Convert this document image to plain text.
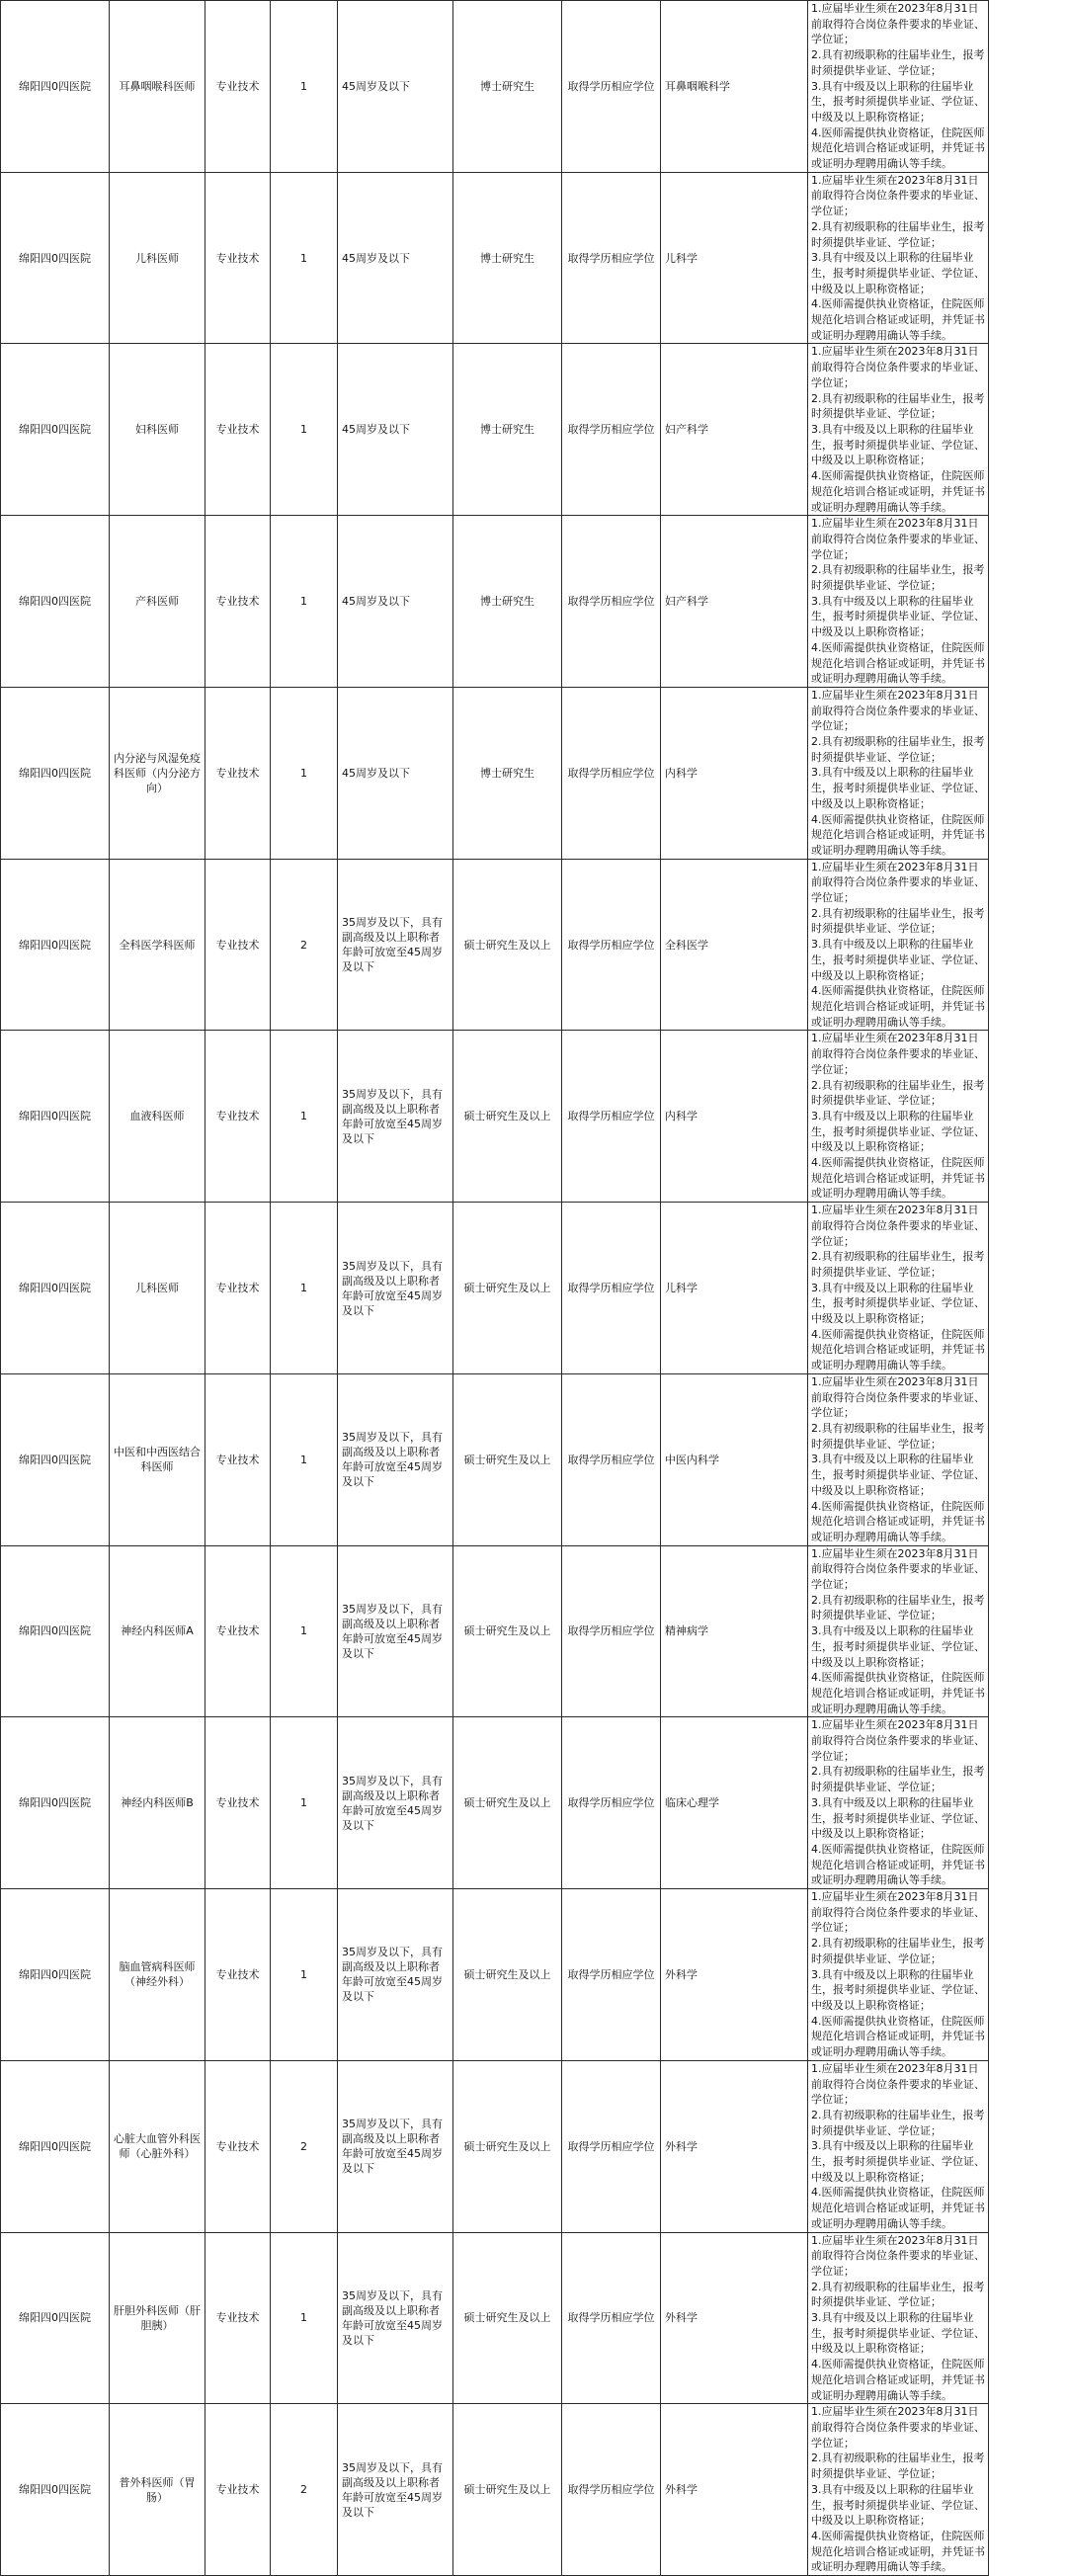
绵阳四0四医院	耳鼻咽喉科医师	专业技术	1	45周岁及以下	博士研究生	取得学历相应学位	耳鼻咽喉科学	1.应届毕业生须在2023年8月31日前取得符合岗位条件要求的毕业证、学位证；
2.具有初级职称的往届毕业生，报考时须提供毕业证、学位证；
3.具有中级及以上职称的往届毕业生，报考时须提供毕业证、学位证、中级及以上职称资格证；
4.医师需提供执业资格证，住院医师规范化培训合格证或证明，并凭证书或证明办理聘用确认等手续。	

绵阳四0四医院	儿科医师	专业技术	1	45周岁及以下	博士研究生	取得学历相应学位	儿科学	1.应届毕业生须在2023年8月31日前取得符合岗位条件要求的毕业证、学位证；
2.具有初级职称的往届毕业生，报考时须提供毕业证、学位证；
3.具有中级及以上职称的往届毕业生，报考时须提供毕业证、学位证、中级及以上职称资格证；
4.医师需提供执业资格证，住院医师规范化培训合格证或证明，并凭证书或证明办理聘用确认等手续。	

绵阳四0四医院	妇科医师	专业技术	1	45周岁及以下	博士研究生	取得学历相应学位	妇产科学	1.应届毕业生须在2023年8月31日前取得符合岗位条件要求的毕业证、学位证；
2.具有初级职称的往届毕业生，报考时须提供毕业证、学位证；
3.具有中级及以上职称的往届毕业生，报考时须提供毕业证、学位证、中级及以上职称资格证；
4.医师需提供执业资格证，住院医师规范化培训合格证或证明，并凭证书或证明办理聘用确认等手续。	

绵阳四0四医院	产科医师	专业技术	1	45周岁及以下	博士研究生	取得学历相应学位	妇产科学	1.应届毕业生须在2023年8月31日前取得符合岗位条件要求的毕业证、学位证；
2.具有初级职称的往届毕业生，报考时须提供毕业证、学位证；
3.具有中级及以上职称的往届毕业生，报考时须提供毕业证、学位证、中级及以上职称资格证；
4.医师需提供执业资格证，住院医师规范化培训合格证或证明，并凭证书或证明办理聘用确认等手续。	

绵阳四0四医院	内分泌与风湿免疫科医师（内分泌方向）	专业技术	1	45周岁及以下	博士研究生	取得学历相应学位	内科学	1.应届毕业生须在2023年8月31日前取得符合岗位条件要求的毕业证、学位证；
2.具有初级职称的往届毕业生，报考时须提供毕业证、学位证；
3.具有中级及以上职称的往届毕业生，报考时须提供毕业证、学位证、中级及以上职称资格证；
4.医师需提供执业资格证，住院医师规范化培训合格证或证明，并凭证书或证明办理聘用确认等手续。	

绵阳四0四医院	全科医学科医师	专业技术	2	35周岁及以下，具有副高级及以上职称者年龄可放宽至45周岁及以下	硕士研究生及以上	取得学历相应学位	全科医学	1.应届毕业生须在2023年8月31日前取得符合岗位条件要求的毕业证、学位证；
2.具有初级职称的往届毕业生，报考时须提供毕业证、学位证；
3.具有中级及以上职称的往届毕业生，报考时须提供毕业证、学位证、中级及以上职称资格证；
4.医师需提供执业资格证，住院医师规范化培训合格证或证明，并凭证书或证明办理聘用确认等手续。	

绵阳四0四医院	血液科医师	专业技术	1	35周岁及以下，具有副高级及以上职称者年龄可放宽至45周岁及以下	硕士研究生及以上	取得学历相应学位	内科学	1.应届毕业生须在2023年8月31日前取得符合岗位条件要求的毕业证、学位证；
2.具有初级职称的往届毕业生，报考时须提供毕业证、学位证；
3.具有中级及以上职称的往届毕业生，报考时须提供毕业证、学位证、中级及以上职称资格证；
4.医师需提供执业资格证，住院医师规范化培训合格证或证明，并凭证书或证明办理聘用确认等手续。	

绵阳四0四医院	儿科医师	专业技术	1	35周岁及以下，具有副高级及以上职称者年龄可放宽至45周岁及以下	硕士研究生及以上	取得学历相应学位	儿科学	1.应届毕业生须在2023年8月31日前取得符合岗位条件要求的毕业证、学位证；
2.具有初级职称的往届毕业生，报考时须提供毕业证、学位证；
3.具有中级及以上职称的往届毕业生，报考时须提供毕业证、学位证、中级及以上职称资格证；
4.医师需提供执业资格证，住院医师规范化培训合格证或证明，并凭证书或证明办理聘用确认等手续。	

绵阳四0四医院	中医和中西医结合科医师	专业技术	1	35周岁及以下，具有副高级及以上职称者年龄可放宽至45周岁及以下	硕士研究生及以上	取得学历相应学位	中医内科学	1.应届毕业生须在2023年8月31日前取得符合岗位条件要求的毕业证、学位证；
2.具有初级职称的往届毕业生，报考时须提供毕业证、学位证；
3.具有中级及以上职称的往届毕业生，报考时须提供毕业证、学位证、中级及以上职称资格证；
4.医师需提供执业资格证，住院医师规范化培训合格证或证明，并凭证书或证明办理聘用确认等手续。	

绵阳四0四医院	神经内科医师A	专业技术	1	35周岁及以下，具有副高级及以上职称者年龄可放宽至45周岁及以下	硕士研究生及以上	取得学历相应学位	精神病学	1.应届毕业生须在2023年8月31日前取得符合岗位条件要求的毕业证、学位证；
2.具有初级职称的往届毕业生，报考时须提供毕业证、学位证；
3.具有中级及以上职称的往届毕业生，报考时须提供毕业证、学位证、中级及以上职称资格证；
4.医师需提供执业资格证，住院医师规范化培训合格证或证明，并凭证书或证明办理聘用确认等手续。	

绵阳四0四医院	神经内科医师B	专业技术	1	35周岁及以下，具有副高级及以上职称者年龄可放宽至45周岁及以下	硕士研究生及以上	取得学历相应学位	临床心理学	1.应届毕业生须在2023年8月31日前取得符合岗位条件要求的毕业证、学位证；
2.具有初级职称的往届毕业生，报考时须提供毕业证、学位证；
3.具有中级及以上职称的往届毕业生，报考时须提供毕业证、学位证、中级及以上职称资格证；
4.医师需提供执业资格证，住院医师规范化培训合格证或证明，并凭证书或证明办理聘用确认等手续。	

绵阳四0四医院	脑血管病科医师（神经外科）	专业技术	1	35周岁及以下，具有副高级及以上职称者年龄可放宽至45周岁及以下	硕士研究生及以上	取得学历相应学位	外科学	1.应届毕业生须在2023年8月31日前取得符合岗位条件要求的毕业证、学位证；
2.具有初级职称的往届毕业生，报考时须提供毕业证、学位证；
3.具有中级及以上职称的往届毕业生，报考时须提供毕业证、学位证、中级及以上职称资格证；
4.医师需提供执业资格证，住院医师规范化培训合格证或证明，并凭证书或证明办理聘用确认等手续。	

绵阳四0四医院	心脏大血管外科医师（心脏外科）	专业技术	2	35周岁及以下，具有副高级及以上职称者年龄可放宽至45周岁及以下	硕士研究生及以上	取得学历相应学位	外科学	1.应届毕业生须在2023年8月31日前取得符合岗位条件要求的毕业证、学位证；
2.具有初级职称的往届毕业生，报考时须提供毕业证、学位证；
3.具有中级及以上职称的往届毕业生，报考时须提供毕业证、学位证、中级及以上职称资格证；
4.医师需提供执业资格证，住院医师规范化培训合格证或证明，并凭证书或证明办理聘用确认等手续。	

绵阳四0四医院	肝胆外科医师（肝胆胰）	专业技术	1	35周岁及以下，具有副高级及以上职称者年龄可放宽至45周岁及以下	硕士研究生及以上	取得学历相应学位	外科学	1.应届毕业生须在2023年8月31日前取得符合岗位条件要求的毕业证、学位证；
2.具有初级职称的往届毕业生，报考时须提供毕业证、学位证；
3.具有中级及以上职称的往届毕业生，报考时须提供毕业证、学位证、中级及以上职称资格证；
4.医师需提供执业资格证，住院医师规范化培训合格证或证明，并凭证书或证明办理聘用确认等手续。	

绵阳四0四医院	普外科医师（胃肠）	专业技术	2	35周岁及以下，具有副高级及以上职称者年龄可放宽至45周岁及以下	硕士研究生及以上	取得学历相应学位	外科学	1.应届毕业生须在2023年8月31日前取得符合岗位条件要求的毕业证、学位证；
2.具有初级职称的往届毕业生，报考时须提供毕业证、学位证；
3.具有中级及以上职称的往届毕业生，报考时须提供毕业证、学位证、中级及以上职称资格证；
4.医师需提供执业资格证，住院医师规范化培训合格证或证明，并凭证书或证明办理聘用确认等手续。	
